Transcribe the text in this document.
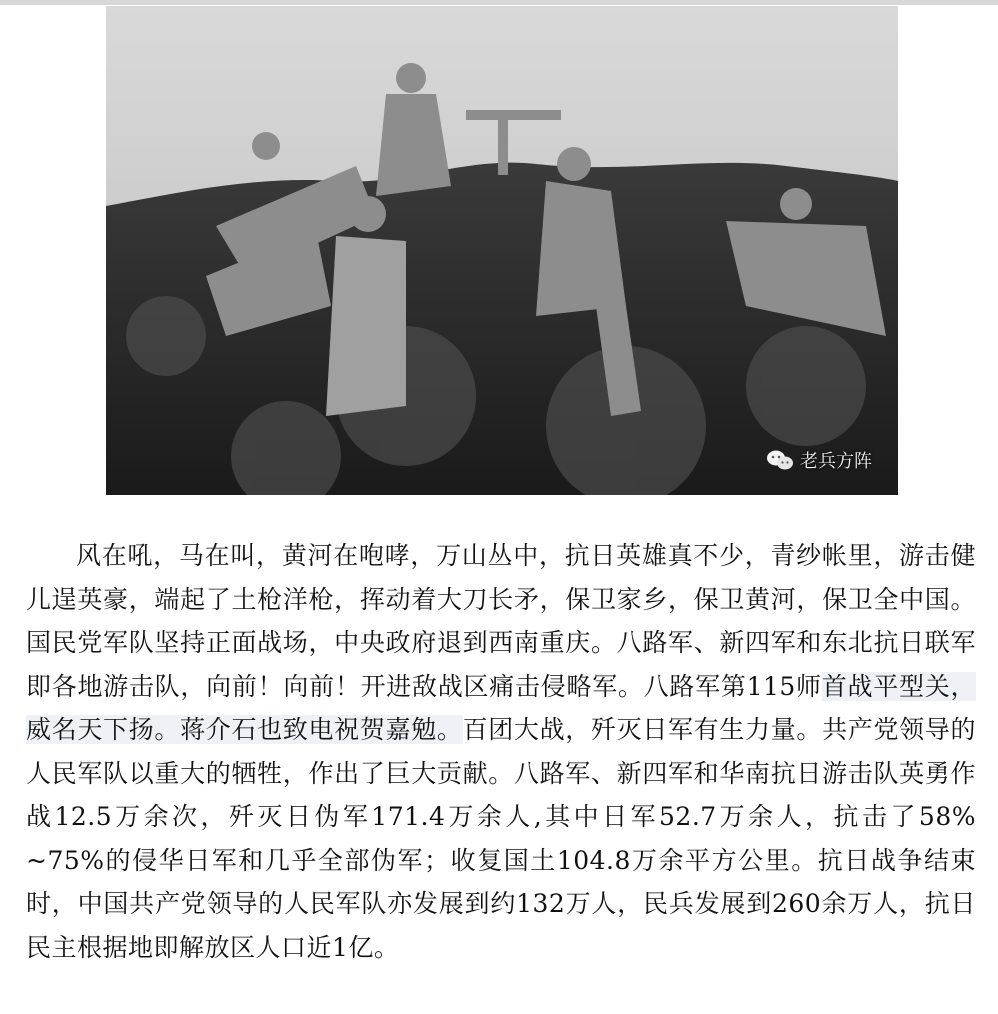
老兵方阵

风在吼，马在叫，黄河在咆哮，万山丛中，抗日英雄真不少，青纱帐里，游击健儿逞英豪，端起了土枪洋枪，挥动着大刀长矛，保卫家乡，保卫黄河，保卫全中国。国民党军队坚持正面战场，中央政府退到西南重庆。八路军、新四军和东北抗日联军即各地游击队，向前！向前！开进敌战区痛击侵略军。八路军第115师首战平型关，威名天下扬。蒋介石也致电祝贺嘉勉。百团大战，歼灭日军有生力量。共产党领导的人民军队以重大的牺牲，作出了巨大贡献。八路军、新四军和华南抗日游击队英勇作战12.5万余次，歼灭日伪军171.4万余人,其中日军52.7万余人，抗击了58% ~75%的侵华日军和几乎全部伪军；收复国土104.8万余平方公里。抗日战争结束时，中国共产党领导的人民军队亦发展到约132万人，民兵发展到260余万人，抗日民主根据地即解放区人口近1亿。
